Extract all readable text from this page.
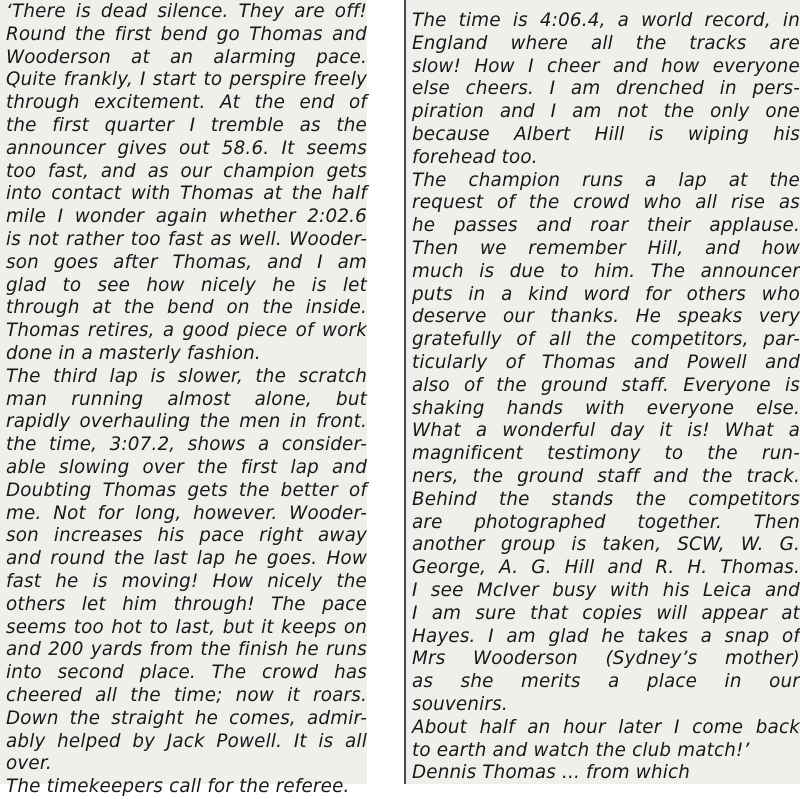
‘There is dead silence. They are off!
Round the first bend go Thomas and
Wooderson at an alarming pace.
Quite frankly, I start to perspire freely
through excitement. At the end of
the first quarter I tremble as the
announcer gives out 58.6. It seems
too fast, and as our champion gets
into contact with Thomas at the half
mile I wonder again whether 2:02.6
is not rather too fast as well. Wooder-
son goes after Thomas, and I am
glad to see how nicely he is let
through at the bend on the inside.
Thomas retires, a good piece of work
done in a masterly fashion.
The third lap is slower, the scratch
man running almost alone, but
rapidly overhauling the men in front.
the time, 3:07.2, shows a consider-
able slowing over the first lap and
Doubting Thomas gets the better of
me. Not for long, however. Wooder-
son increases his pace right away
and round the last lap he goes. How
fast he is moving! How nicely the
others let him through! The pace
seems too hot to last, but it keeps on
and 200 yards from the finish he runs
into second place. The crowd has
cheered all the time; now it roars.
Down the straight he comes, admir-
ably helped by Jack Powell. It is all
over.
The timekeepers call for the referee.
The time is 4:06.4, a world record, in
England where all the tracks are
slow! How I cheer and how everyone
else cheers. I am drenched in pers-
piration and I am not the only one
because Albert Hill is wiping his
forehead too.
The champion runs a lap at the
request of the crowd who all rise as
he passes and roar their applause.
Then we remember Hill, and how
much is due to him. The announcer
puts in a kind word for others who
deserve our thanks. He speaks very
gratefully of all the competitors, par-
ticularly of Thomas and Powell and
also of the ground staff. Everyone is
shaking hands with everyone else.
What a wonderful day it is! What a
magnificent testimony to the run-
ners, the ground staff and the track.
Behind the stands the competitors
are photographed together. Then
another group is taken, SCW, W. G.
George, A. G. Hill and R. H. Thomas.
I see McIver busy with his Leica and
I am sure that copies will appear at
Hayes. I am glad he takes a snap of
Mrs Wooderson (Sydney’s mother)
as she merits a place in our
souvenirs.
About half an hour later I come back
to earth and watch the club match!’
Dennis Thomas ... from which
